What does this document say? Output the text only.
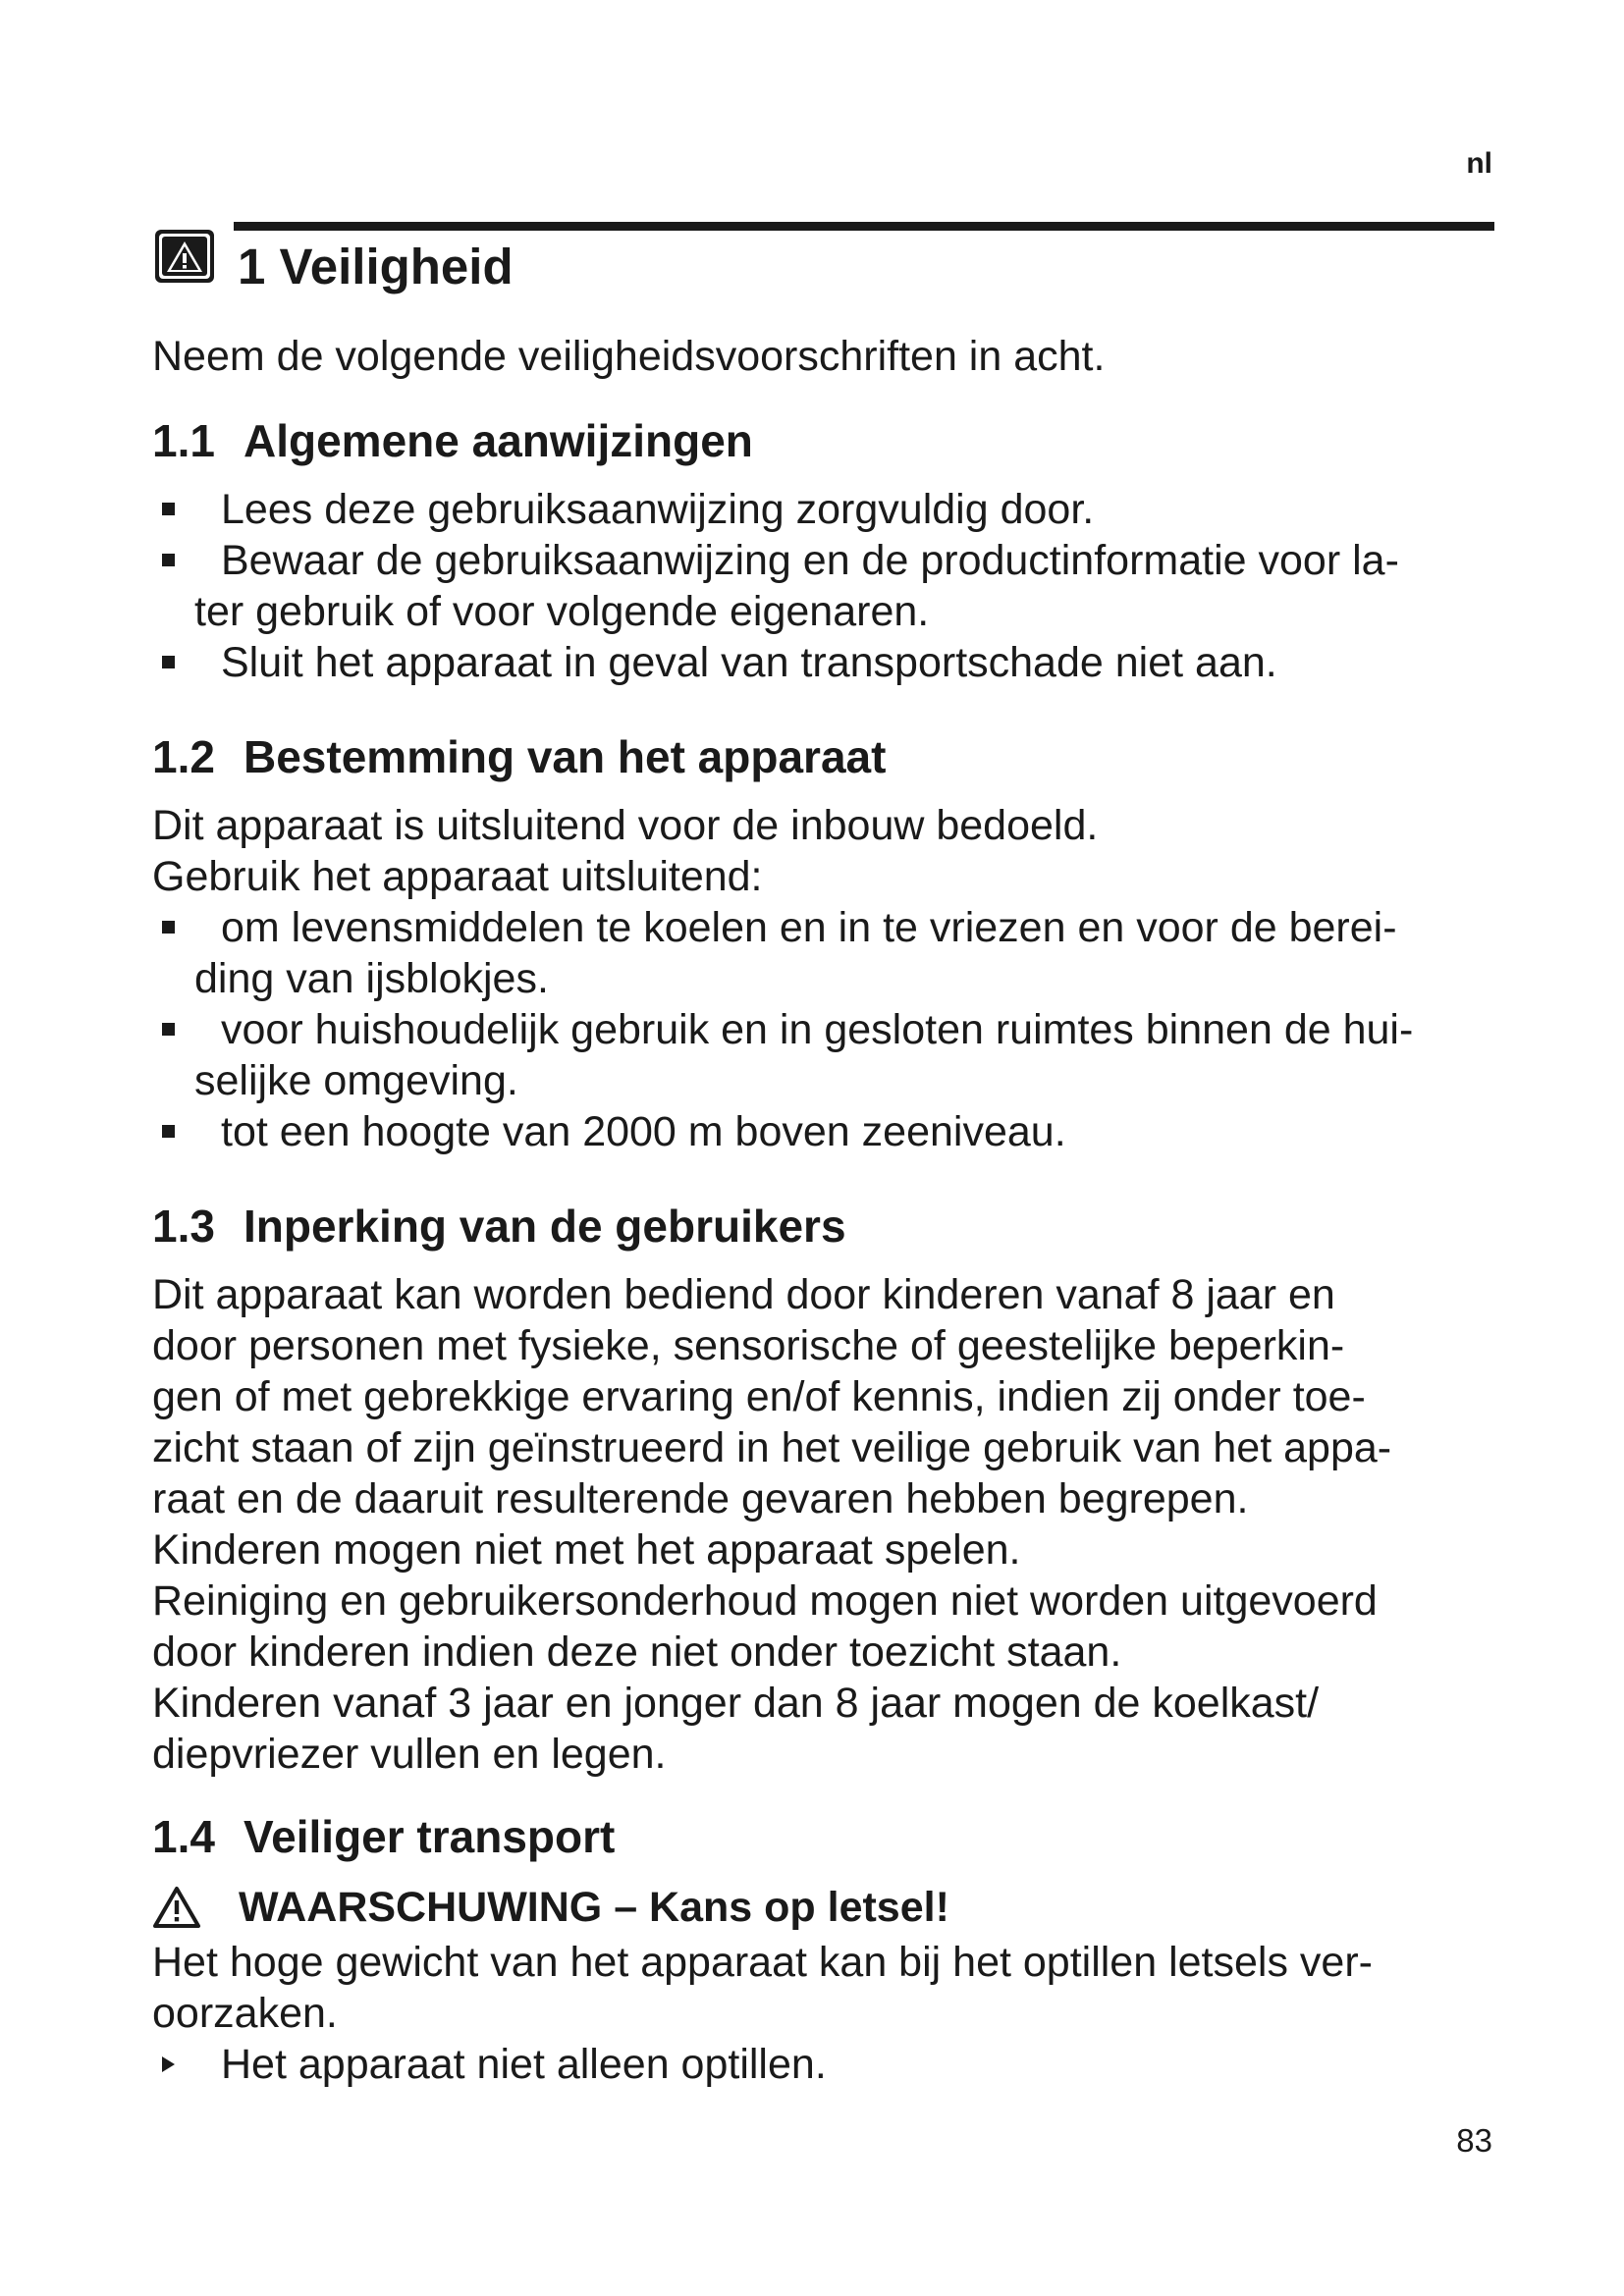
nl
1 Veiligheid

Neem de volgende veiligheidsvoorschriften in acht.

1.1 Algemene aanwijzingen
Lees deze gebruiksaanwijzing zorgvuldig door.
Bewaar de gebruiksaanwijzing en de productinformatie voor la-
ter gebruik of voor volgende eigenaren.
Sluit het apparaat in geval van transportschade niet aan.
1.2 Bestemming van het apparaat

Dit apparaat is uitsluitend voor de inbouw bedoeld.

Gebruik het apparaat uitsluitend:

om levensmiddelen te koelen en in te vriezen en voor de berei-
ding van ijsblokjes.
voor huishoudelijk gebruik en in gesloten ruimtes binnen de hui-
selijke omgeving.
tot een hoogte van 2000 m boven zeeniveau.
1.3 Inperking van de gebruikers

Dit apparaat kan worden bediend door kinderen vanaf 8 jaar en

door personen met fysieke, sensorische of geestelijke beperkin-

gen of met gebrekkige ervaring en/of kennis, indien zij onder toe-

zicht staan of zijn geïnstrueerd in het veilige gebruik van het appa-

raat en de daaruit resulterende gevaren hebben begrepen.

Kinderen mogen niet met het apparaat spelen.

Reiniging en gebruikersonderhoud mogen niet worden uitgevoerd

door kinderen indien deze niet onder toezicht staan.

Kinderen vanaf 3 jaar en jonger dan 8 jaar mogen de koelkast/

diepvriezer vullen en legen.

1.4 Veiliger transport
WAARSCHUWING – Kans op letsel!

Het hoge gewicht van het apparaat kan bij het optillen letsels ver-

oorzaken.

Het apparaat niet alleen optillen.
83
